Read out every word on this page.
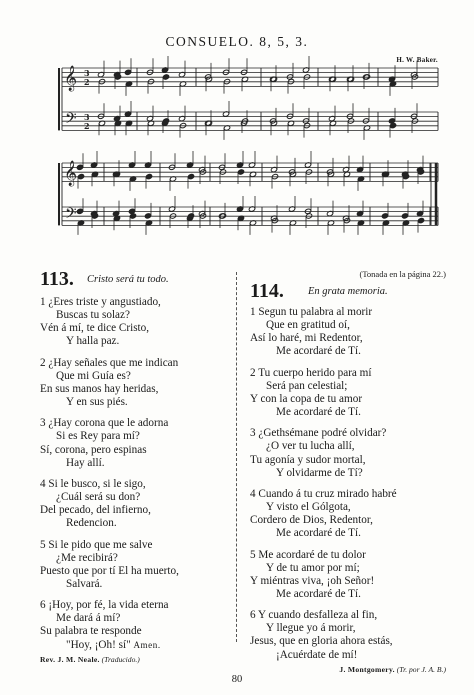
CONSUELO. 8, 5, 3.
H. W. Baker.
𝄞
𝄞
𝄢
𝄢
3
2
3
2
113. Cristo será tu todo.
1 ¿Eres triste y angustiado,
Buscas tu solaz?
Vén á mí, te dice Cristo,
Y halla paz.
2 ¿Hay señales que me indican
Que mi Guía es?
En sus manos hay heridas,
Y en sus piés.
3 ¿Hay corona que le adorna
Si es Rey para mí?
Sí, corona, pero espinas
Hay allí.
4 Si le busco, si le sigo,
¿Cuál será su don?
Del pecado, del infierno,
Redencion.
5 Si le pido que me salve
¿Me recibirá?
Puesto que por tí El ha muerto,
Salvará.
6 ¡Hoy, por fé, la vida eterna
Me dará á mí?
Su palabra te responde
"Hoy, ¡Oh! sí" Amen.
Rev. J. M. Neale. (Traducido.)
(Tonada en la página 22.)
114. En grata memoria.
1 Segun tu palabra al morir
Que en gratitud oí,
Así lo haré, mi Redentor,
Me acordaré de Tí.
2 Tu cuerpo herido para mí
Será pan celestial;
Y con la copa de tu amor
Me acordaré de Tí.
3 ¿Gethsémane podré olvidar?
¿O ver tu lucha allí,
Tu agonía y sudor mortal,
Y olvidarme de Tí?
4 Cuando á tu cruz mirado habré
Y visto el Gólgota,
Cordero de Dios, Redentor,
Me acordaré de Tí.
5 Me acordaré de tu dolor
Y de tu amor por mí;
Y miéntras viva, ¡oh Señor!
Me acordaré de Tí.
6 Y cuando desfalleza al fin,
Y llegue yo á morir,
Jesus, que en gloria ahora estás,
¡Acuérdate de mí!
J. Montgomery. (Tr. por J. A. B.)
80
